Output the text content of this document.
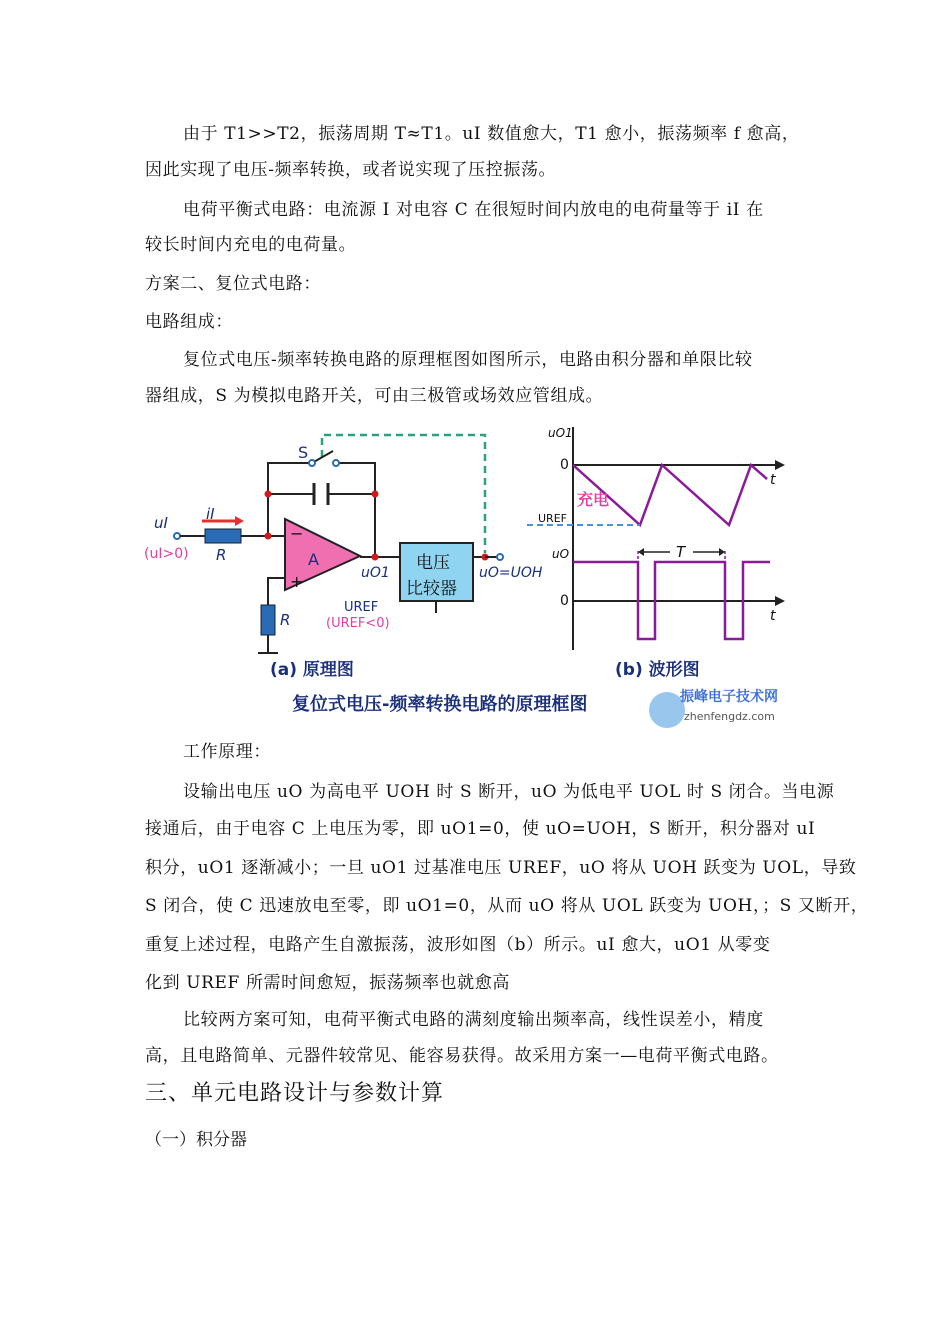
由于 T1>>T2，振荡周期 T≈T1。uI 数值愈大，T1 愈小，振荡频率 f 愈高，
因此实现了电压-频率转换，或者说实现了压控振荡。
电荷平衡式电路：电流源 I 对电容 C 在很短时间内放电的电荷量等于 iI 在
较长时间内充电的电荷量。
方案二、复位式电路：
电路组成：
复位式电压-频率转换电路的原理框图如图所示，电路由积分器和单限比较
器组成，S 为模拟电路开关，可由三极管或场效应管组成。
S
uI
(uI>0)
iI
R	A
−
+
R
uO1 电压
比较器
uO=UOH
UREF
(UREF<0)
(a) 原理图
uO1
t
0
UREF
充电
uO
t
0
T
(b) 波形图
复位式电压-频率转换电路的原理框图	振峰电子技术网
zhenfengdz.com
工作原理：
设输出电压 uO 为高电平 UOH 时 S 断开，uO 为低电平 UOL 时 S 闭合。当电源
接通后，由于电容 C 上电压为零，即 uO1=0，使 uO=UOH，S 断开，积分器对 uI
积分，uO1 逐渐减小；一旦 uO1 过基准电压 UREF，uO 将从 UOH 跃变为 UOL，导致
S 闭合，使 C 迅速放电至零，即 uO1=0，从而 uO 将从 UOL 跃变为 UOH，；S 又断开，
重复上述过程，电路产生自激振荡，波形如图（b）所示。uI 愈大，uO1 从零变
化到 UREF 所需时间愈短，振荡频率也就愈高
比较两方案可知，电荷平衡式电路的满刻度输出频率高，线性误差小，精度
高，且电路简单、元器件较常见、能容易获得。故采用方案一—电荷平衡式电路。
三、单元电路设计与参数计算
（一）积分器
